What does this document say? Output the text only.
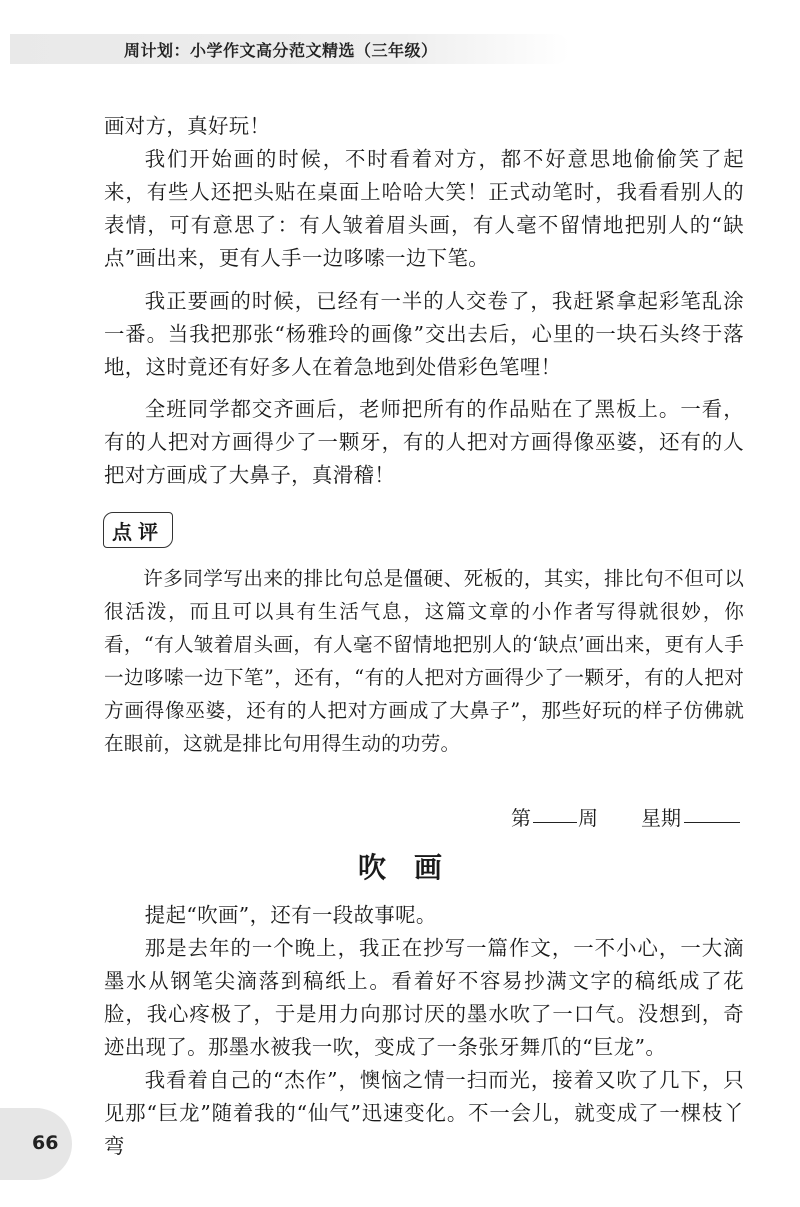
周计划：小学作文高分范文精选（三年级）

画对方，真好玩！

我们开始画的时候，不时看着对方，都不好意思地偷偷笑了起来，有些人还把头贴在桌面上哈哈大笑！正式动笔时，我看看别人的表情，可有意思了：有人皱着眉头画，有人毫不留情地把别人的“缺点”画出来，更有人手一边哆嗦一边下笔。

我正要画的时候，已经有一半的人交卷了，我赶紧拿起彩笔乱涂一番。当我把那张“杨雅玲的画像”交出去后，心里的一块石头终于落地，这时竟还有好多人在着急地到处借彩色笔哩！

全班同学都交齐画后，老师把所有的作品贴在了黑板上。一看，有的人把对方画得少了一颗牙，有的人把对方画得像巫婆，还有的人把对方画成了大鼻子，真滑稽！

点评

许多同学写出来的排比句总是僵硬、死板的，其实，排比句不但可以很活泼，而且可以具有生活气息，这篇文章的小作者写得就很妙，你看，“有人皱着眉头画，有人毫不留情地把别人的‘缺点’画出来，更有人手一边哆嗦一边下笔”，还有，“有的人把对方画得少了一颗牙，有的人把对方画得像巫婆，还有的人把对方画成了大鼻子”，那些好玩的样子仿佛就在眼前，这就是排比句用得生动的功劳。

第 周 星期
吹　画

提起“吹画”，还有一段故事呢。

那是去年的一个晚上，我正在抄写一篇作文，一不小心，一大滴墨水从钢笔尖滴落到稿纸上。看着好不容易抄满文字的稿纸成了花脸，我心疼极了，于是用力向那讨厌的墨水吹了一口气。没想到，奇迹出现了。那墨水被我一吹，变成了一条张牙舞爪的“巨龙”。

我看着自己的“杰作”，懊恼之情一扫而光，接着又吹了几下，只见那“巨龙”随着我的“仙气”迅速变化。不一会儿，就变成了一棵枝丫弯

66
